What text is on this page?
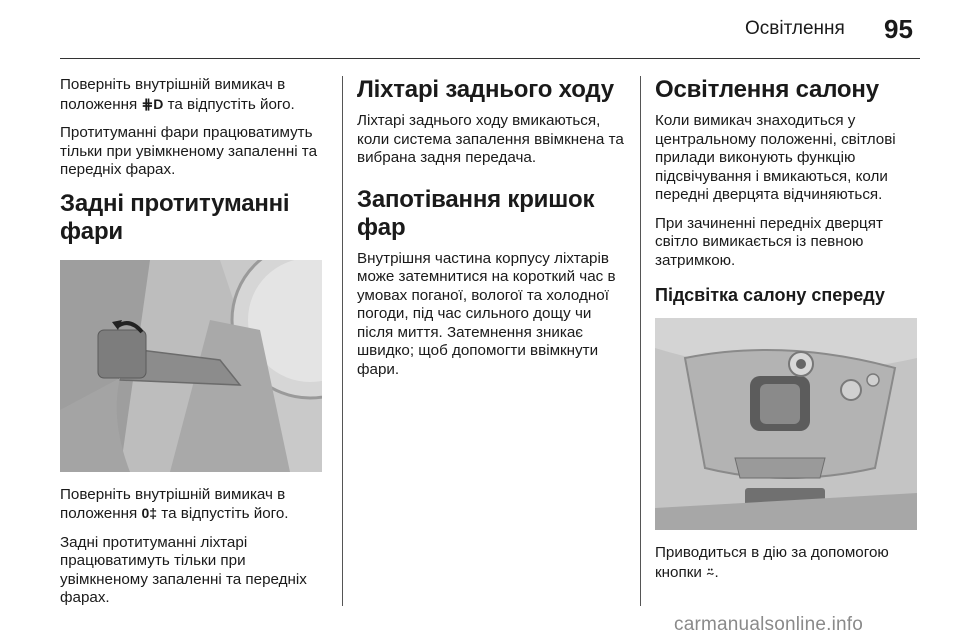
Освітлення 95

Поверніть внутрішній вимикач в положення ⋕D та відпустіть його.

Протитуманні фари працюватимуть тільки при увімкненому запаленні та передніх фарах.

Задні протитуманні фари

Поверніть внутрішній вимикач в положення 0‡ та відпустіть його.

Задні протитуманні ліхтарі працюватимуть тільки при увімкненому запаленні та передніх фарах.

Ліхтарі заднього ходу

Ліхтарі заднього ходу вмикаються, коли система запалення ввімкнена та вибрана задня передача.

Запотівання кришок фар

Внутрішня частина корпусу ліхтарів може затемнитися на короткий час в умовах поганої, вологої та холодної погоди, під час сильного дощу чи після миття. Затемнення зникає швидко; щоб допомогти ввімкнути фари.

Освітлення салону

Коли вимикач знаходиться у центральному положенні, світлові прилади виконують функцію підсвічування і вмикаються, коли передні дверцята відчиняються.

При зачиненні передніх дверцят світло вимикається із певною затримкою.

Підсвітка салону спереду

Приводиться в дію за допомогою кнопки ⍨.

carmanualsonline.info
